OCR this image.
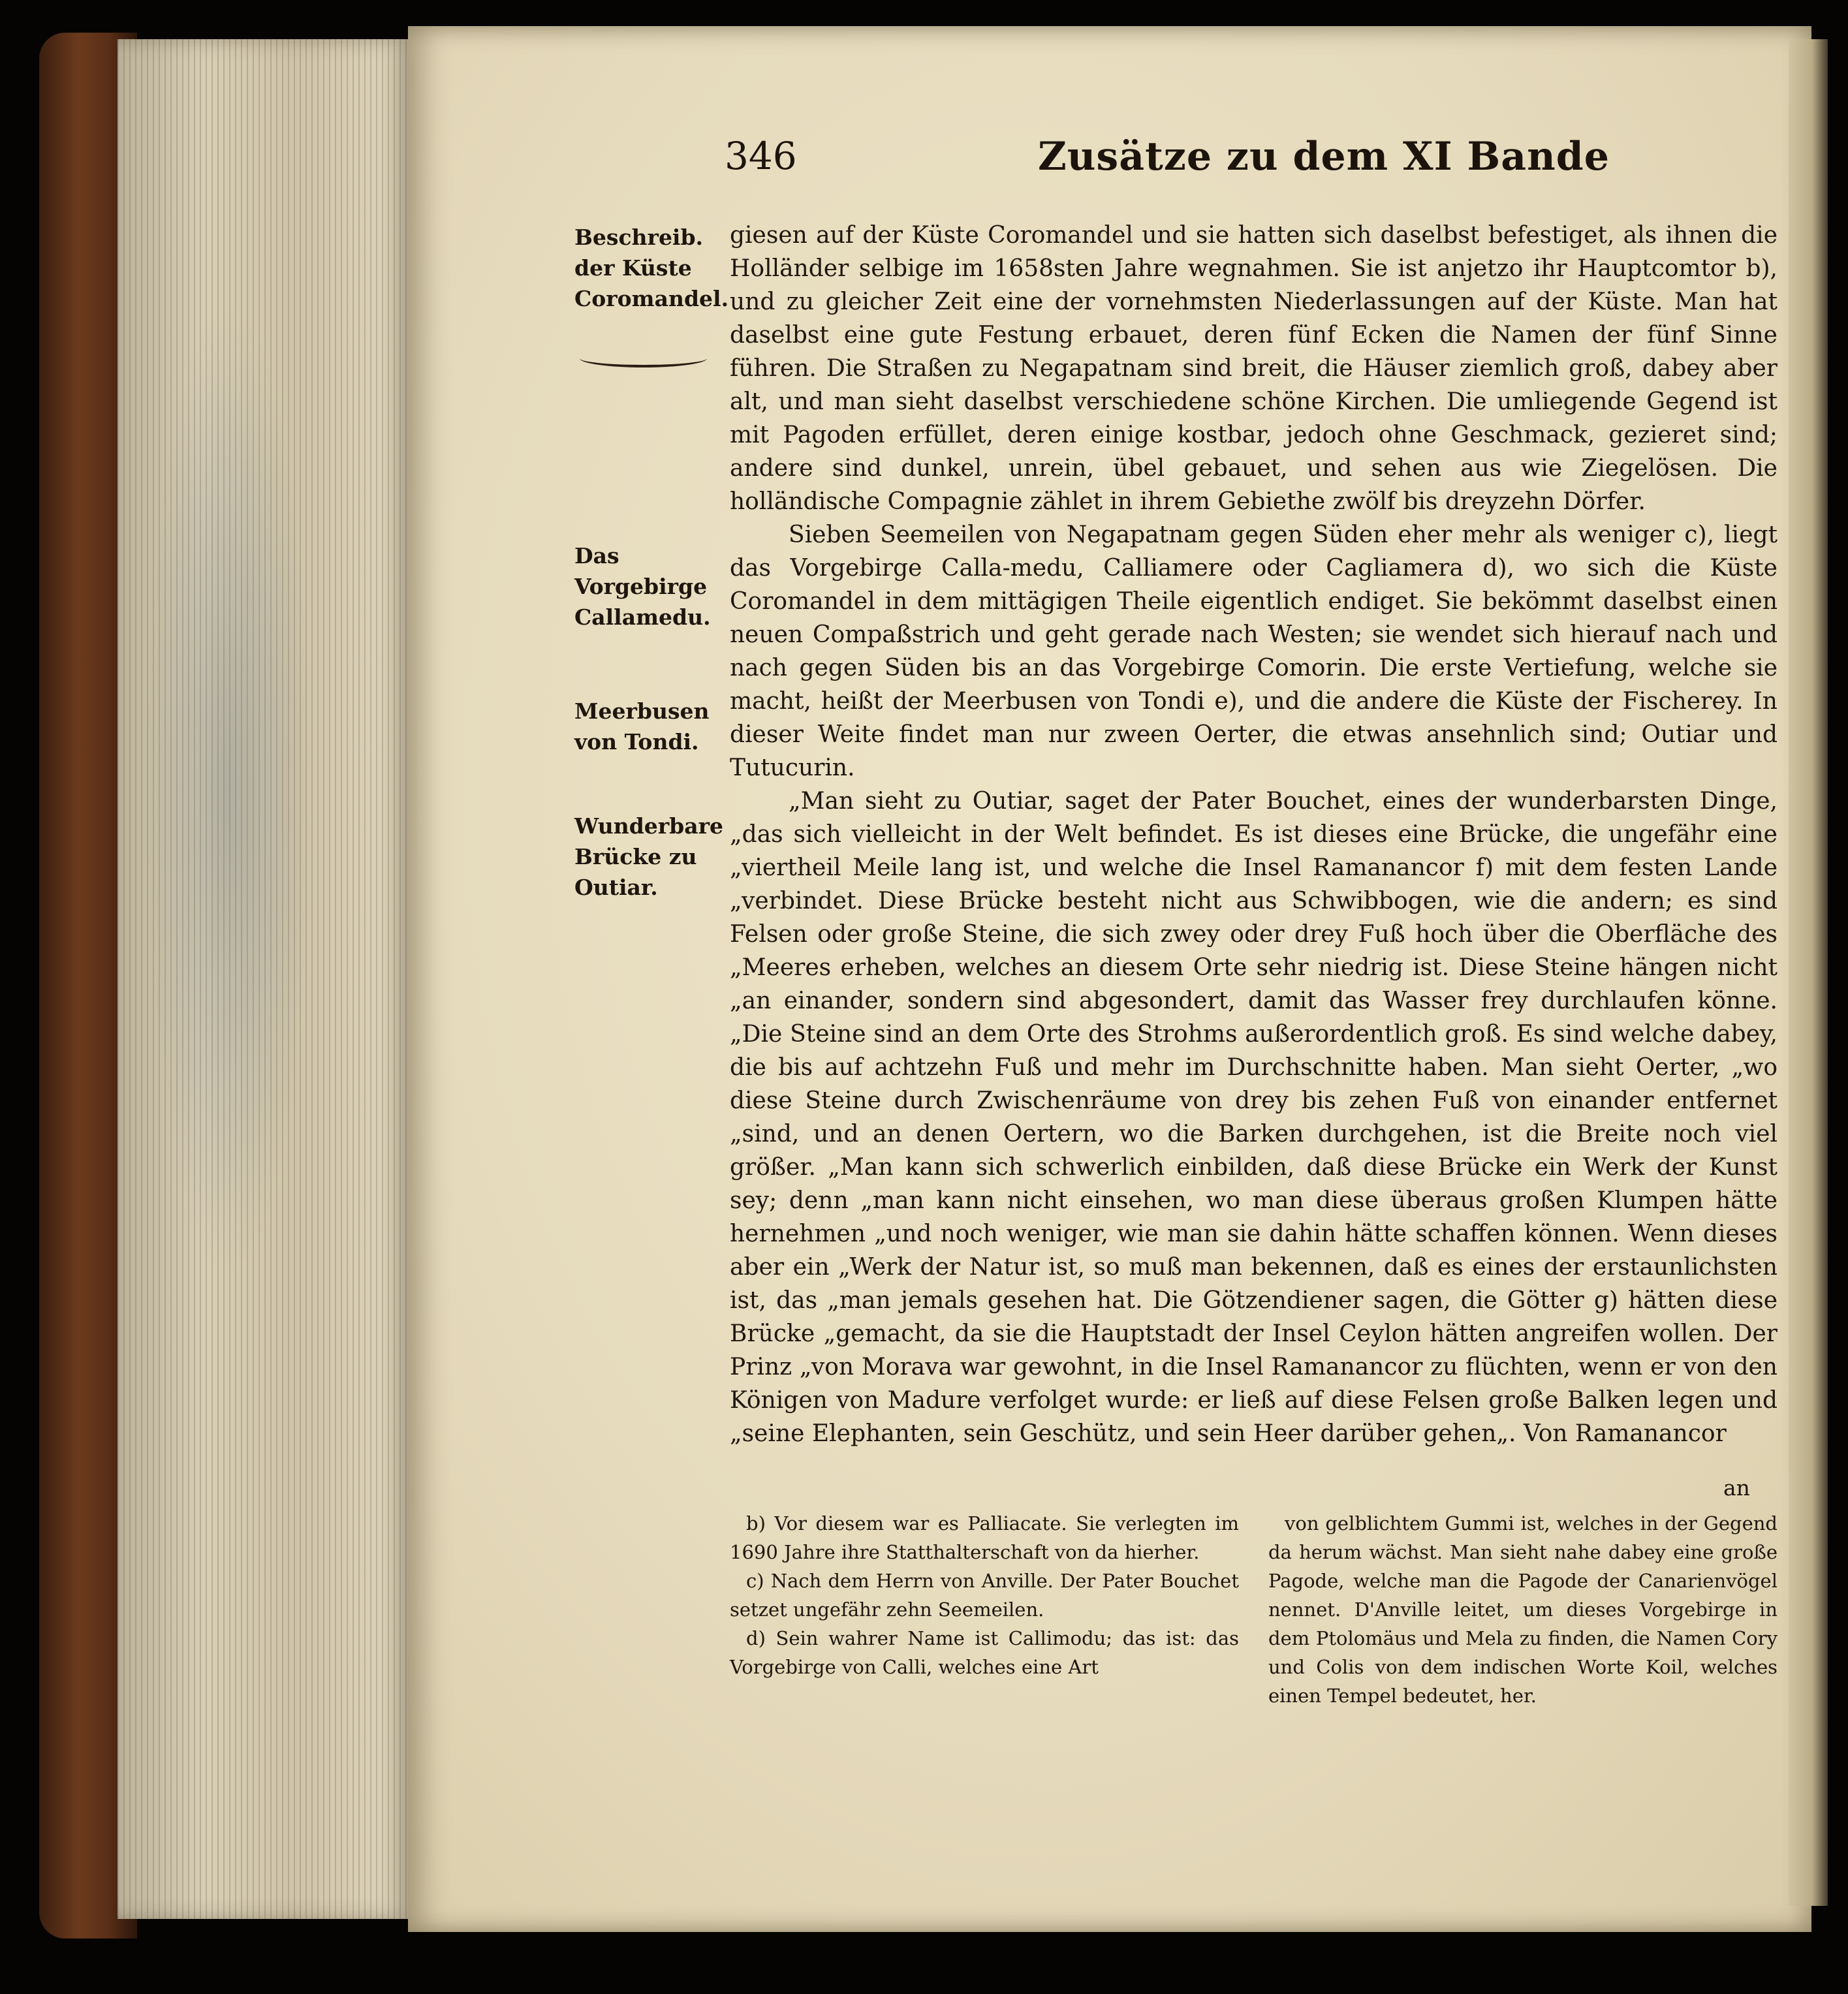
346	Zusätze zu dem XI Bande
Beschreib. der Küste Coromandel.
Das Vorgebirge Callamedu.
Meerbusen von Tondi.
Wunderbare Brücke zu Outiar.

giesen auf der Küste Coromandel und sie hatten sich daselbst befestiget, als ihnen die Holländer selbige im 1658sten Jahre wegnahmen. Sie ist anjetzo ihr Hauptcomtor b), und zu gleicher Zeit eine der vornehmsten Niederlassungen auf der Küste. Man hat daselbst eine gute Festung erbauet, deren fünf Ecken die Namen der fünf Sinne führen. Die Straßen zu Negapatnam sind breit, die Häuser ziemlich groß, dabey aber alt, und man sieht daselbst verschiedene schöne Kirchen. Die umliegende Gegend ist mit Pagoden erfüllet, deren einige kostbar, jedoch ohne Geschmack, gezieret sind; andere sind dunkel, unrein, übel gebauet, und sehen aus wie Ziegelösen. Die holländische Compagnie zählet in ihrem Gebiethe zwölf bis dreyzehn Dörfer.

Sieben Seemeilen von Negapatnam gegen Süden eher mehr als weniger c), liegt das Vorgebirge Calla-medu, Calliamere oder Cagliamera d), wo sich die Küste Coromandel in dem mittägigen Theile eigentlich endiget. Sie bekömmt daselbst einen neuen Compaßstrich und geht gerade nach Westen; sie wendet sich hierauf nach und nach gegen Süden bis an das Vorgebirge Comorin. Die erste Vertiefung, welche sie macht, heißt der Meerbusen von Tondi e), und die andere die Küste der Fischerey. In dieser Weite findet man nur zween Oerter, die etwas ansehnlich sind; Outiar und Tutucurin.

„Man sieht zu Outiar, saget der Pater Bouchet, eines der wunderbarsten Dinge, „das sich vielleicht in der Welt befindet. Es ist dieses eine Brücke, die ungefähr eine „viertheil Meile lang ist, und welche die Insel Ramanancor f) mit dem festen Lande „verbindet. Diese Brücke besteht nicht aus Schwibbogen, wie die andern; es sind Felsen oder große Steine, die sich zwey oder drey Fuß hoch über die Oberfläche des „Meeres erheben, welches an diesem Orte sehr niedrig ist. Diese Steine hängen nicht „an einander, sondern sind abgesondert, damit das Wasser frey durchlaufen könne. „Die Steine sind an dem Orte des Strohms außerordentlich groß. Es sind welche dabey, die bis auf achtzehn Fuß und mehr im Durchschnitte haben. Man sieht Oerter, „wo diese Steine durch Zwischenräume von drey bis zehen Fuß von einander entfernet „sind, und an denen Oertern, wo die Barken durchgehen, ist die Breite noch viel größer. „Man kann sich schwerlich einbilden, daß diese Brücke ein Werk der Kunst sey; denn „man kann nicht einsehen, wo man diese überaus großen Klumpen hätte hernehmen „und noch weniger, wie man sie dahin hätte schaffen können. Wenn dieses aber ein „Werk der Natur ist, so muß man bekennen, daß es eines der erstaunlichsten ist, das „man jemals gesehen hat. Die Götzendiener sagen, die Götter g) hätten diese Brücke „gemacht, da sie die Hauptstadt der Insel Ceylon hätten angreifen wollen. Der Prinz „von Morava war gewohnt, in die Insel Ramanancor zu flüchten, wenn er von den Königen von Madure verfolget wurde: er ließ auf diese Felsen große Balken legen und „seine Elephanten, sein Geschütz, und sein Heer darüber gehen„. Von Ramanancor

an

b) Vor diesem war es Palliacate. Sie verlegten im 1690 Jahre ihre Statthalterschaft von da hierher.

c) Nach dem Herrn von Anville. Der Pater Bouchet setzet ungefähr zehn Seemeilen.

d) Sein wahrer Name ist Callimodu; das ist: das Vorgebirge von Calli, welches eine Art

von gelblichtem Gummi ist, welches in der Gegend da herum wächst. Man sieht nahe dabey eine große Pagode, welche man die Pagode der Canarienvögel nennet. D'Anville leitet, um dieses Vorgebirge in dem Ptolomäus und Mela zu finden, die Namen Cory und Colis von dem indischen Worte Koil, welches einen Tempel bedeutet, her.
